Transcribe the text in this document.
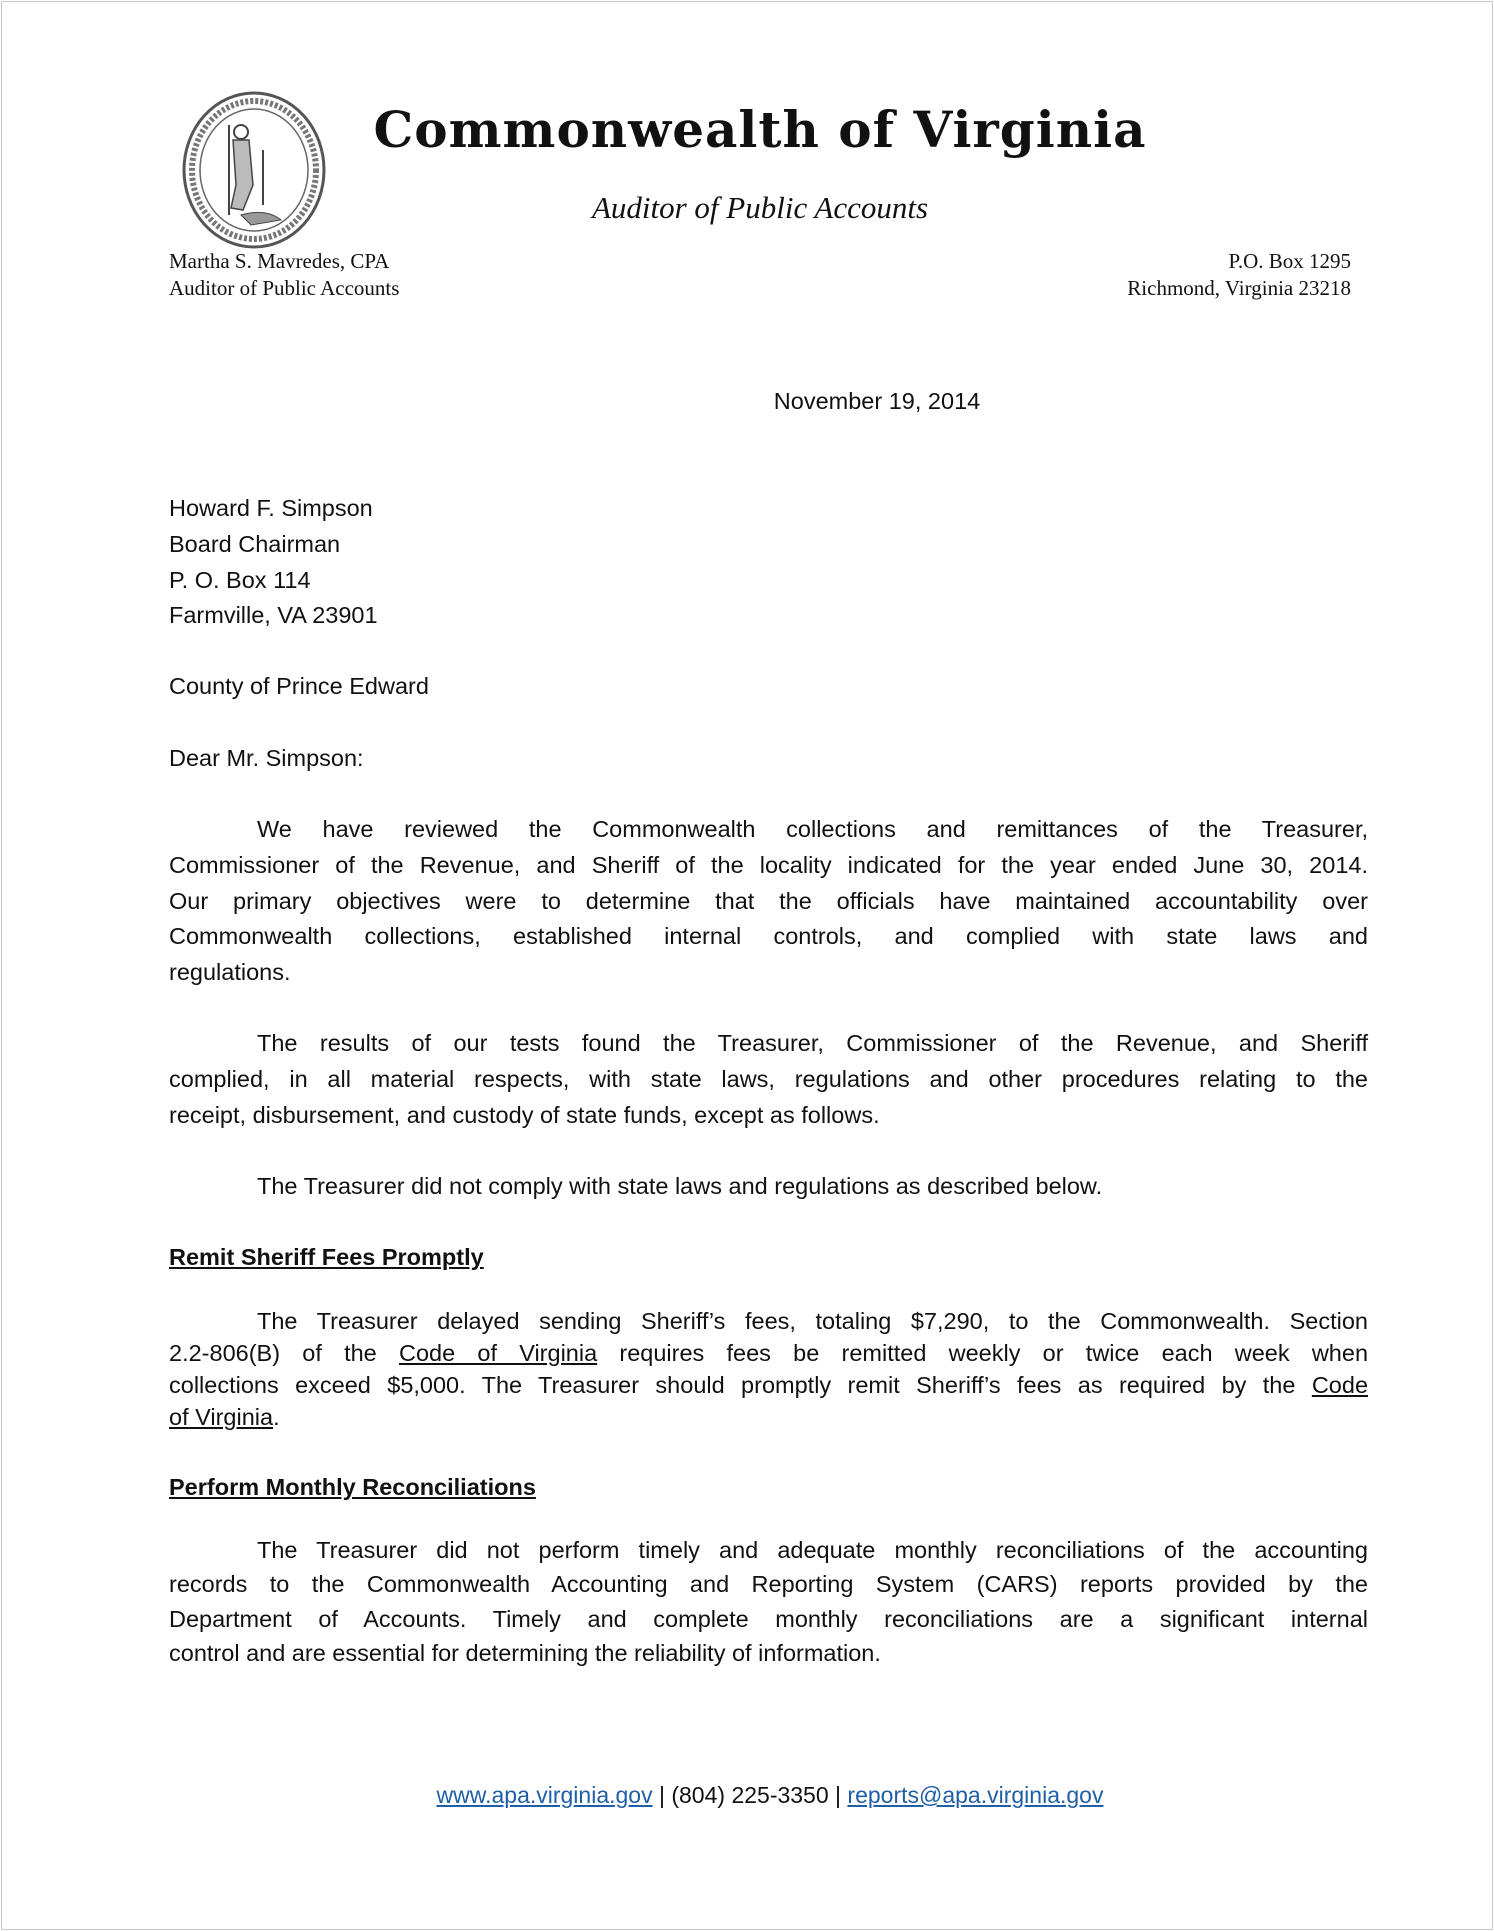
Commonwealth of Virginia
Auditor of Public Accounts
Martha S. Mavredes, CPA
Auditor of Public Accounts
P.O. Box 1295
Richmond, Virginia 23218
November 19, 2014
Howard F. Simpson
Board Chairman
P. O. Box 114
Farmville, VA 23901
County of Prince Edward
Dear Mr. Simpson:
We have reviewed the Commonwealth collections and remittances of the Treasurer,
Commissioner of the Revenue, and Sheriff of the locality indicated for the year ended June 30, 2014.
Our primary objectives were to determine that the officials have maintained accountability over
Commonwealth collections, established internal controls, and complied with state laws and
regulations.
The results of our tests found the Treasurer, Commissioner of the Revenue, and Sheriff
complied, in all material respects, with state laws, regulations and other procedures relating to the
receipt, disbursement, and custody of state funds, except as follows.
The Treasurer did not comply with state laws and regulations as described below.
Remit Sheriff Fees Promptly
The Treasurer delayed sending Sheriff’s fees, totaling $7,290, to the Commonwealth. Section
2.2-806(B) of the Code of Virginia requires fees be remitted weekly or twice each week when
collections exceed $5,000. The Treasurer should promptly remit Sheriff’s fees as required by the Code
of Virginia.
Perform Monthly Reconciliations
The Treasurer did not perform timely and adequate monthly reconciliations of the accounting
records to the Commonwealth Accounting and Reporting System (CARS) reports provided by the
Department of Accounts. Timely and complete monthly reconciliations are a significant internal
control and are essential for determining the reliability of information.
www.apa.virginia.gov | (804) 225-3350 | reports@apa.virginia.gov
